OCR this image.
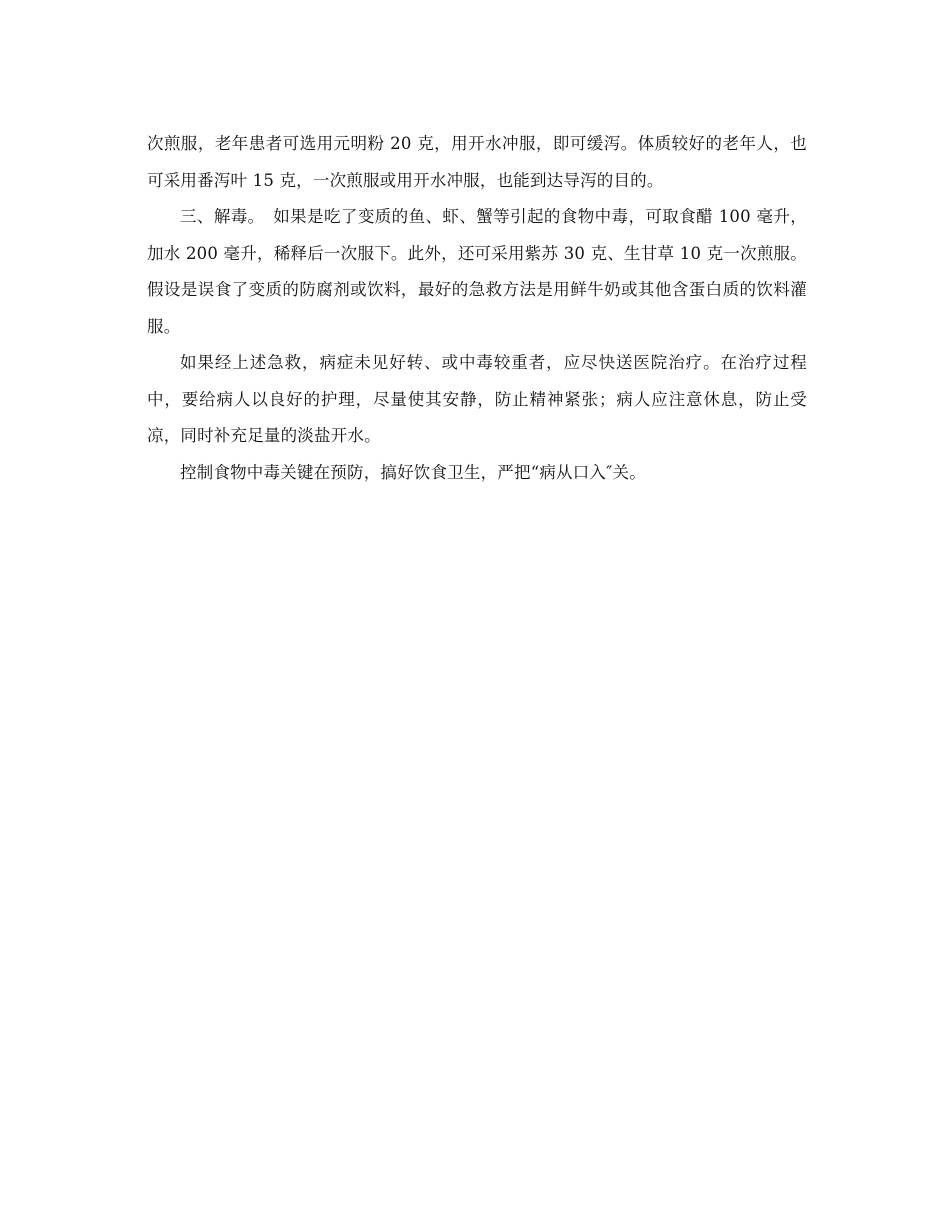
次煎服，老年患者可选用元明粉 20 克，用开水冲服，即可缓泻。体质较好的老年人，也可采用番泻叶 15 克，一次煎服或用开水冲服，也能到达导泻的目的。

三、解毒。　如果是吃了变质的鱼、虾、蟹等引起的食物中毒，可取食醋 100 毫升，加水 200 毫升，稀释后一次服下。此外，还可采用紫苏 30 克、生甘草 10 克一次煎服。假设是误食了变质的防腐剂或饮料，最好的急救方法是用鲜牛奶或其他含蛋白质的饮料灌服。

如果经上述急救，病症未见好转、或中毒较重者，应尽快送医院治疗。在治疗过程中，要给病人以良好的护理，尽量使其安静，防止精神紧张；病人应注意休息，防止受凉，同时补充足量的淡盐开水。

控制食物中毒关键在预防，搞好饮食卫生，严把“病从口入″关。
